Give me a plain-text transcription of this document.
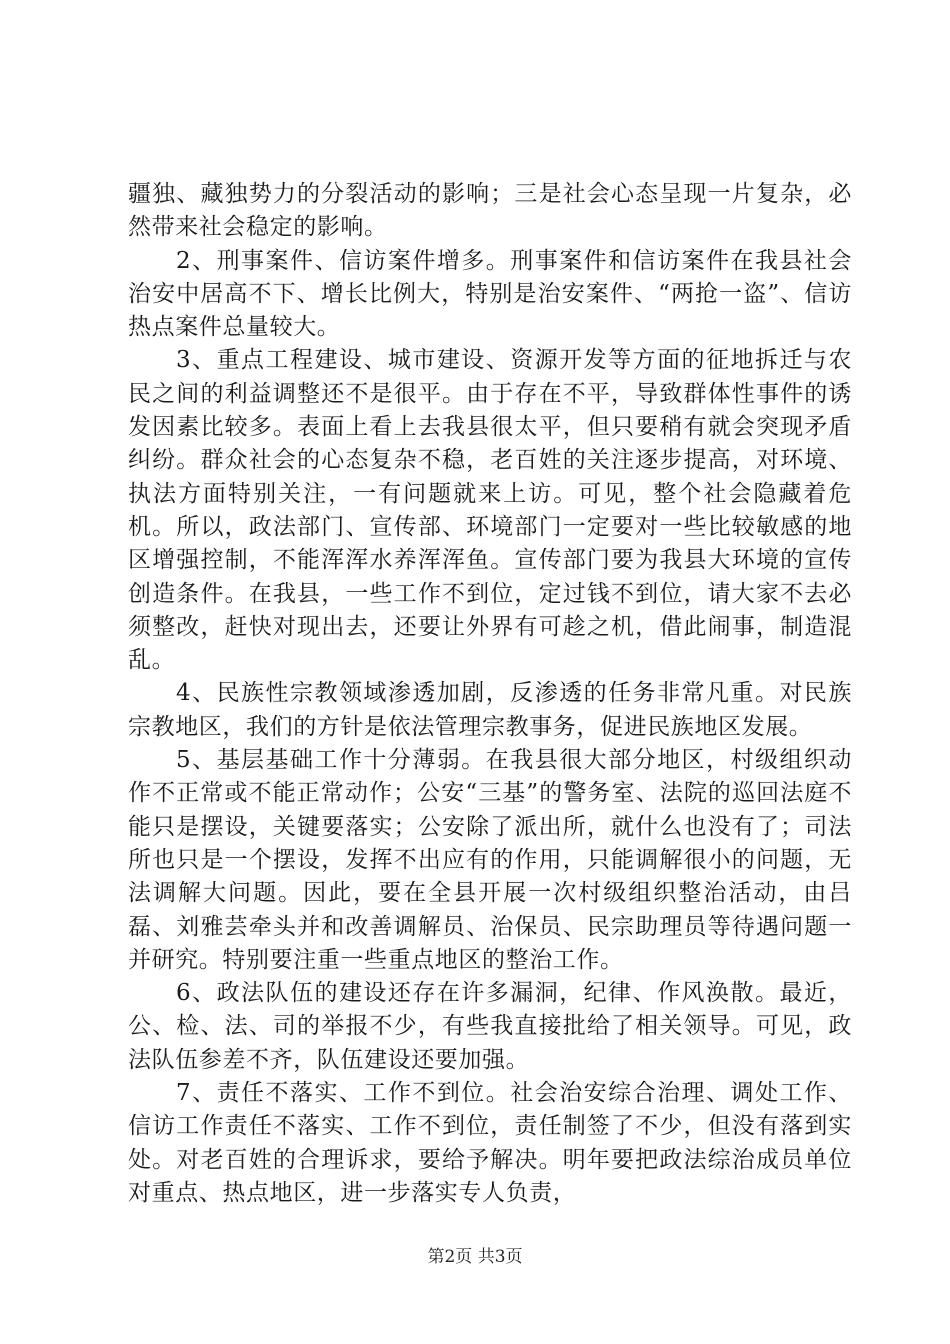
疆独、藏独势力的分裂活动的影响；三是社会心态呈现一片复杂，必然带来社会稳定的影响。

2、刑事案件、信访案件增多。刑事案件和信访案件在我县社会治安中居高不下、增长比例大，特别是治安案件、“两抢一盗”、信访热点案件总量较大。

3、重点工程建设、城市建设、资源开发等方面的征地拆迁与农民之间的利益调整还不是很平。由于存在不平，导致群体性事件的诱发因素比较多。表面上看上去我县很太平，但只要稍有就会突现矛盾纠纷。群众社会的心态复杂不稳，老百姓的关注逐步提高，对环境、执法方面特别关注，一有问题就来上访。可见，整个社会隐藏着危机。所以，政法部门、宣传部、环境部门一定要对一些比较敏感的地区增强控制，不能浑浑水养浑浑鱼。宣传部门要为我县大环境的宣传创造条件。在我县，一些工作不到位，定过钱不到位，请大家不去必须整改，赶快对现出去，还要让外界有可趁之机，借此闹事，制造混乱。

4、民族性宗教领域渗透加剧，反渗透的任务非常凡重。对民族宗教地区，我们的方针是依法管理宗教事务，促进民族地区发展。

5、基层基础工作十分薄弱。在我县很大部分地区，村级组织动作不正常或不能正常动作；公安“三基”的警务室、法院的巡回法庭不能只是摆设，关键要落实；公安除了派出所，就什么也没有了；司法所也只是一个摆设，发挥不出应有的作用，只能调解很小的问题，无法调解大问题。因此，要在全县开展一次村级组织整治活动，由吕磊、刘雅芸牵头并和改善调解员、治保员、民宗助理员等待遇问题一并研究。特别要注重一些重点地区的整治工作。

6、政法队伍的建设还存在许多漏洞，纪律、作风涣散。最近，公、检、法、司的举报不少，有些我直接批给了相关领导。可见，政法队伍参差不齐，队伍建设还要加强。

7、责任不落实、工作不到位。社会治安综合治理、调处工作、信访工作责任不落实、工作不到位，责任制签了不少，但没有落到实处。对老百姓的合理诉求，要给予解决。明年要把政法综治成员单位对重点、热点地区，进一步落实专人负责，

第2页 共3页
